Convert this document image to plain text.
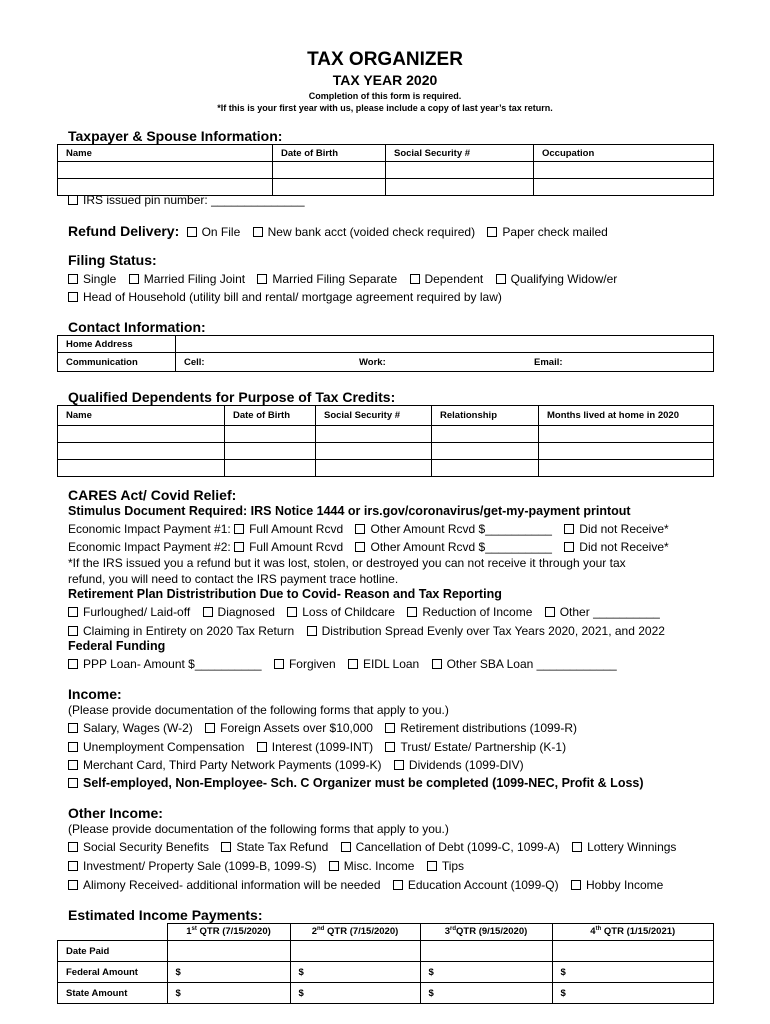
TAX ORGANIZER
TAX YEAR 2020
Completion of this form is required.
*If this is your first year with us, please include a copy of last year’s tax return.
Taxpayer & Spouse Information:
Name	Date of Birth	Social Security #	Occupation

IRS issued pin number: ______________
Refund Delivery: On File New bank acct (voided check required) Paper check mailed
Filing Status:
Single Married Filing Joint Married Filing Separate Dependent Qualifying Widow/er
Head of Household (utility bill and rental/ mortgage agreement required by law)
Contact Information:
Home Address			
Communication	Cell:	Work:	Email:
Qualified Dependents for Purpose of Tax Credits:
Name	Date of Birth	Social Security #	Relationship	Months lived at home in 2020

CARES Act/ Covid Relief:
Stimulus Document Required: IRS Notice 1444 or irs.gov/coronavirus/get-my-payment printout
Economic Impact Payment #1: Full Amount Rcvd Other Amount Rcvd $__________ Did not Receive*
Economic Impact Payment #2: Full Amount Rcvd Other Amount Rcvd $__________ Did not Receive*
*If the IRS issued you a refund but it was lost, stolen, or destroyed you can not receive it through your tax
refund, you will need to contact the IRS payment trace hotline.
Retirement Plan Distristribution Due to Covid- Reason and Tax Reporting
Furloughed/ Laid-off Diagnosed Loss of Childcare Reduction of Income Other __________
Claiming in Entirety on 2020 Tax Return Distribution Spread Evenly over Tax Years 2020, 2021, and 2022
Federal Funding
PPP Loan- Amount $__________ Forgiven EIDL Loan Other SBA Loan ____________
Income:
(Please provide documentation of the following forms that apply to you.)
Salary, Wages (W-2) Foreign Assets over $10,000 Retirement distributions (1099-R)
Unemployment Compensation Interest (1099-INT) Trust/ Estate/ Partnership (K-1)
Merchant Card, Third Party Network Payments (1099-K) Dividends (1099-DIV)
Self-employed, Non-Employee- Sch. C Organizer must be completed (1099-NEC, Profit & Loss)
Other Income:
(Please provide documentation of the following forms that apply to you.)
Social Security Benefits State Tax Refund Cancellation of Debt (1099-C, 1099-A) Lottery Winnings
Investment/ Property Sale (1099-B, 1099-S) Misc. Income Tips
Alimony Received- additional information will be needed Education Account (1099-Q) Hobby Income
Estimated Income Payments:
	1st QTR (7/15/2020)	2nd QTR (7/15/2020)	3rdQTR (9/15/2020)	4th QTR (1/15/2021)
Date Paid				
Federal Amount	$	$	$	$
State Amount	$	$	$	$
